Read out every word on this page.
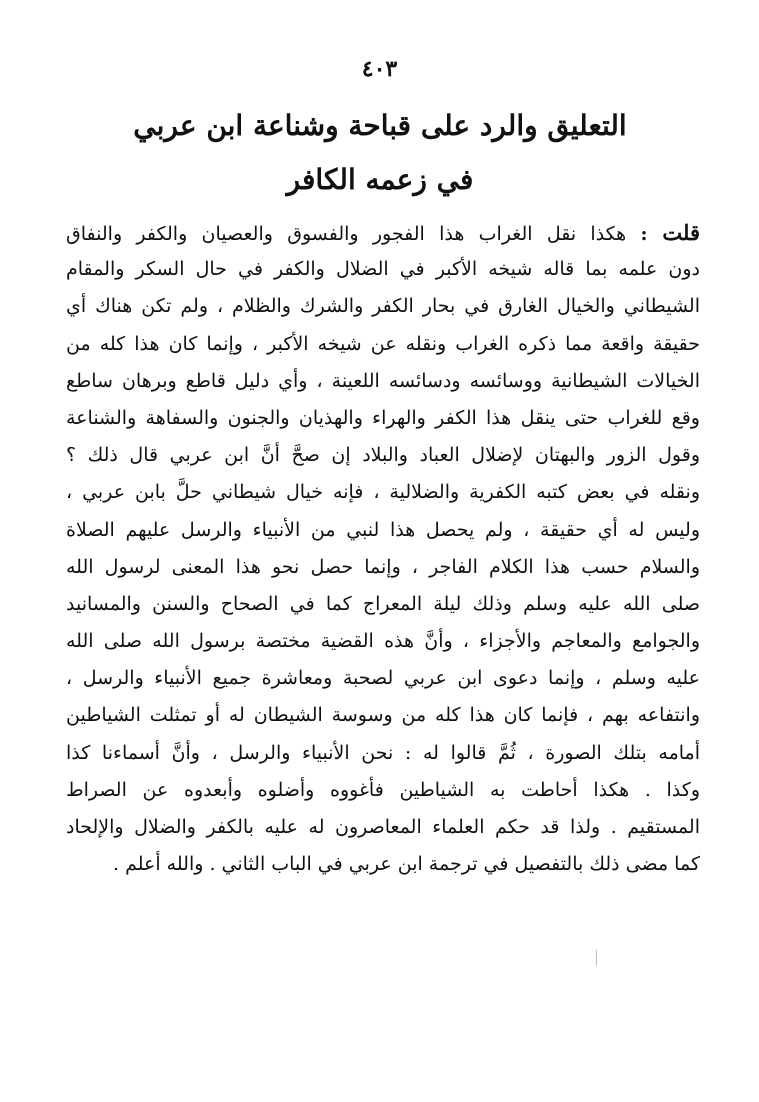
٤٠٣
التعليق والرد على قباحة وشناعة ابن عربي
في زعمه الكافر
قلت : هكذا نقل الغراب هذا الفجور والفسوق والعصيان والكفر والنفاق
دون علمه بما قاله شيخه الأكبر في الضلال والكفر في حال السكر والمقام
الشيطاني والخيال الغارق في بحار الكفر والشرك والظلام ، ولم تكن هناك أي
حقيقة واقعة مما ذكره الغراب ونقله عن شيخه الأكبر ، وإنما كان هذا كله من
الخيالات الشيطانية ووسائسه ودسائسه اللعينة ، وأي دليل قاطع وبرهان ساطع
وقع للغراب حتى ينقل هذا الكفر والهراء والهذيان والجنون والسفاهة والشناعة
وقول الزور والبهتان لإضلال العباد والبلاد إن صحَّ أنَّ ابن عربي قال ذلك ؟
ونقله في بعض كتبه الكفرية والضلالية ، فإنه خيال شيطاني حلَّ بابن عربي ،
وليس له أي حقيقة ، ولم يحصل هذا لنبي من الأنبياء والرسل عليهم الصلاة
والسلام حسب هذا الكلام الفاجر ، وإنما حصل نحو هذا المعنى لرسول الله
صلى الله عليه وسلم وذلك ليلة المعراج كما في الصحاح والسنن والمسانيد
والجوامع والمعاجم والأجزاء ، وأنَّ هذه القضية مختصة برسول الله صلى الله
عليه وسلم ، وإنما دعوى ابن عربي لصحبة ومعاشرة جميع الأنبياء والرسل ،
وانتفاعه بهم ، فإنما كان هذا كله من وسوسة الشيطان له أو تمثلت الشياطين
أمامه بتلك الصورة ، ثُمَّ قالوا له : نحن الأنبياء والرسل ، وأنَّ أسماءنا كذا
وكذا . هكذا أحاطت به الشياطين فأغووه وأضلوه وأبعدوه عن الصراط
المستقيم . ولذا قد حكم العلماء المعاصرون له عليه بالكفر والضلال والإلحاد
كما مضى ذلك بالتفصيل في ترجمة ابن عربي في الباب الثاني . والله أعلم .
